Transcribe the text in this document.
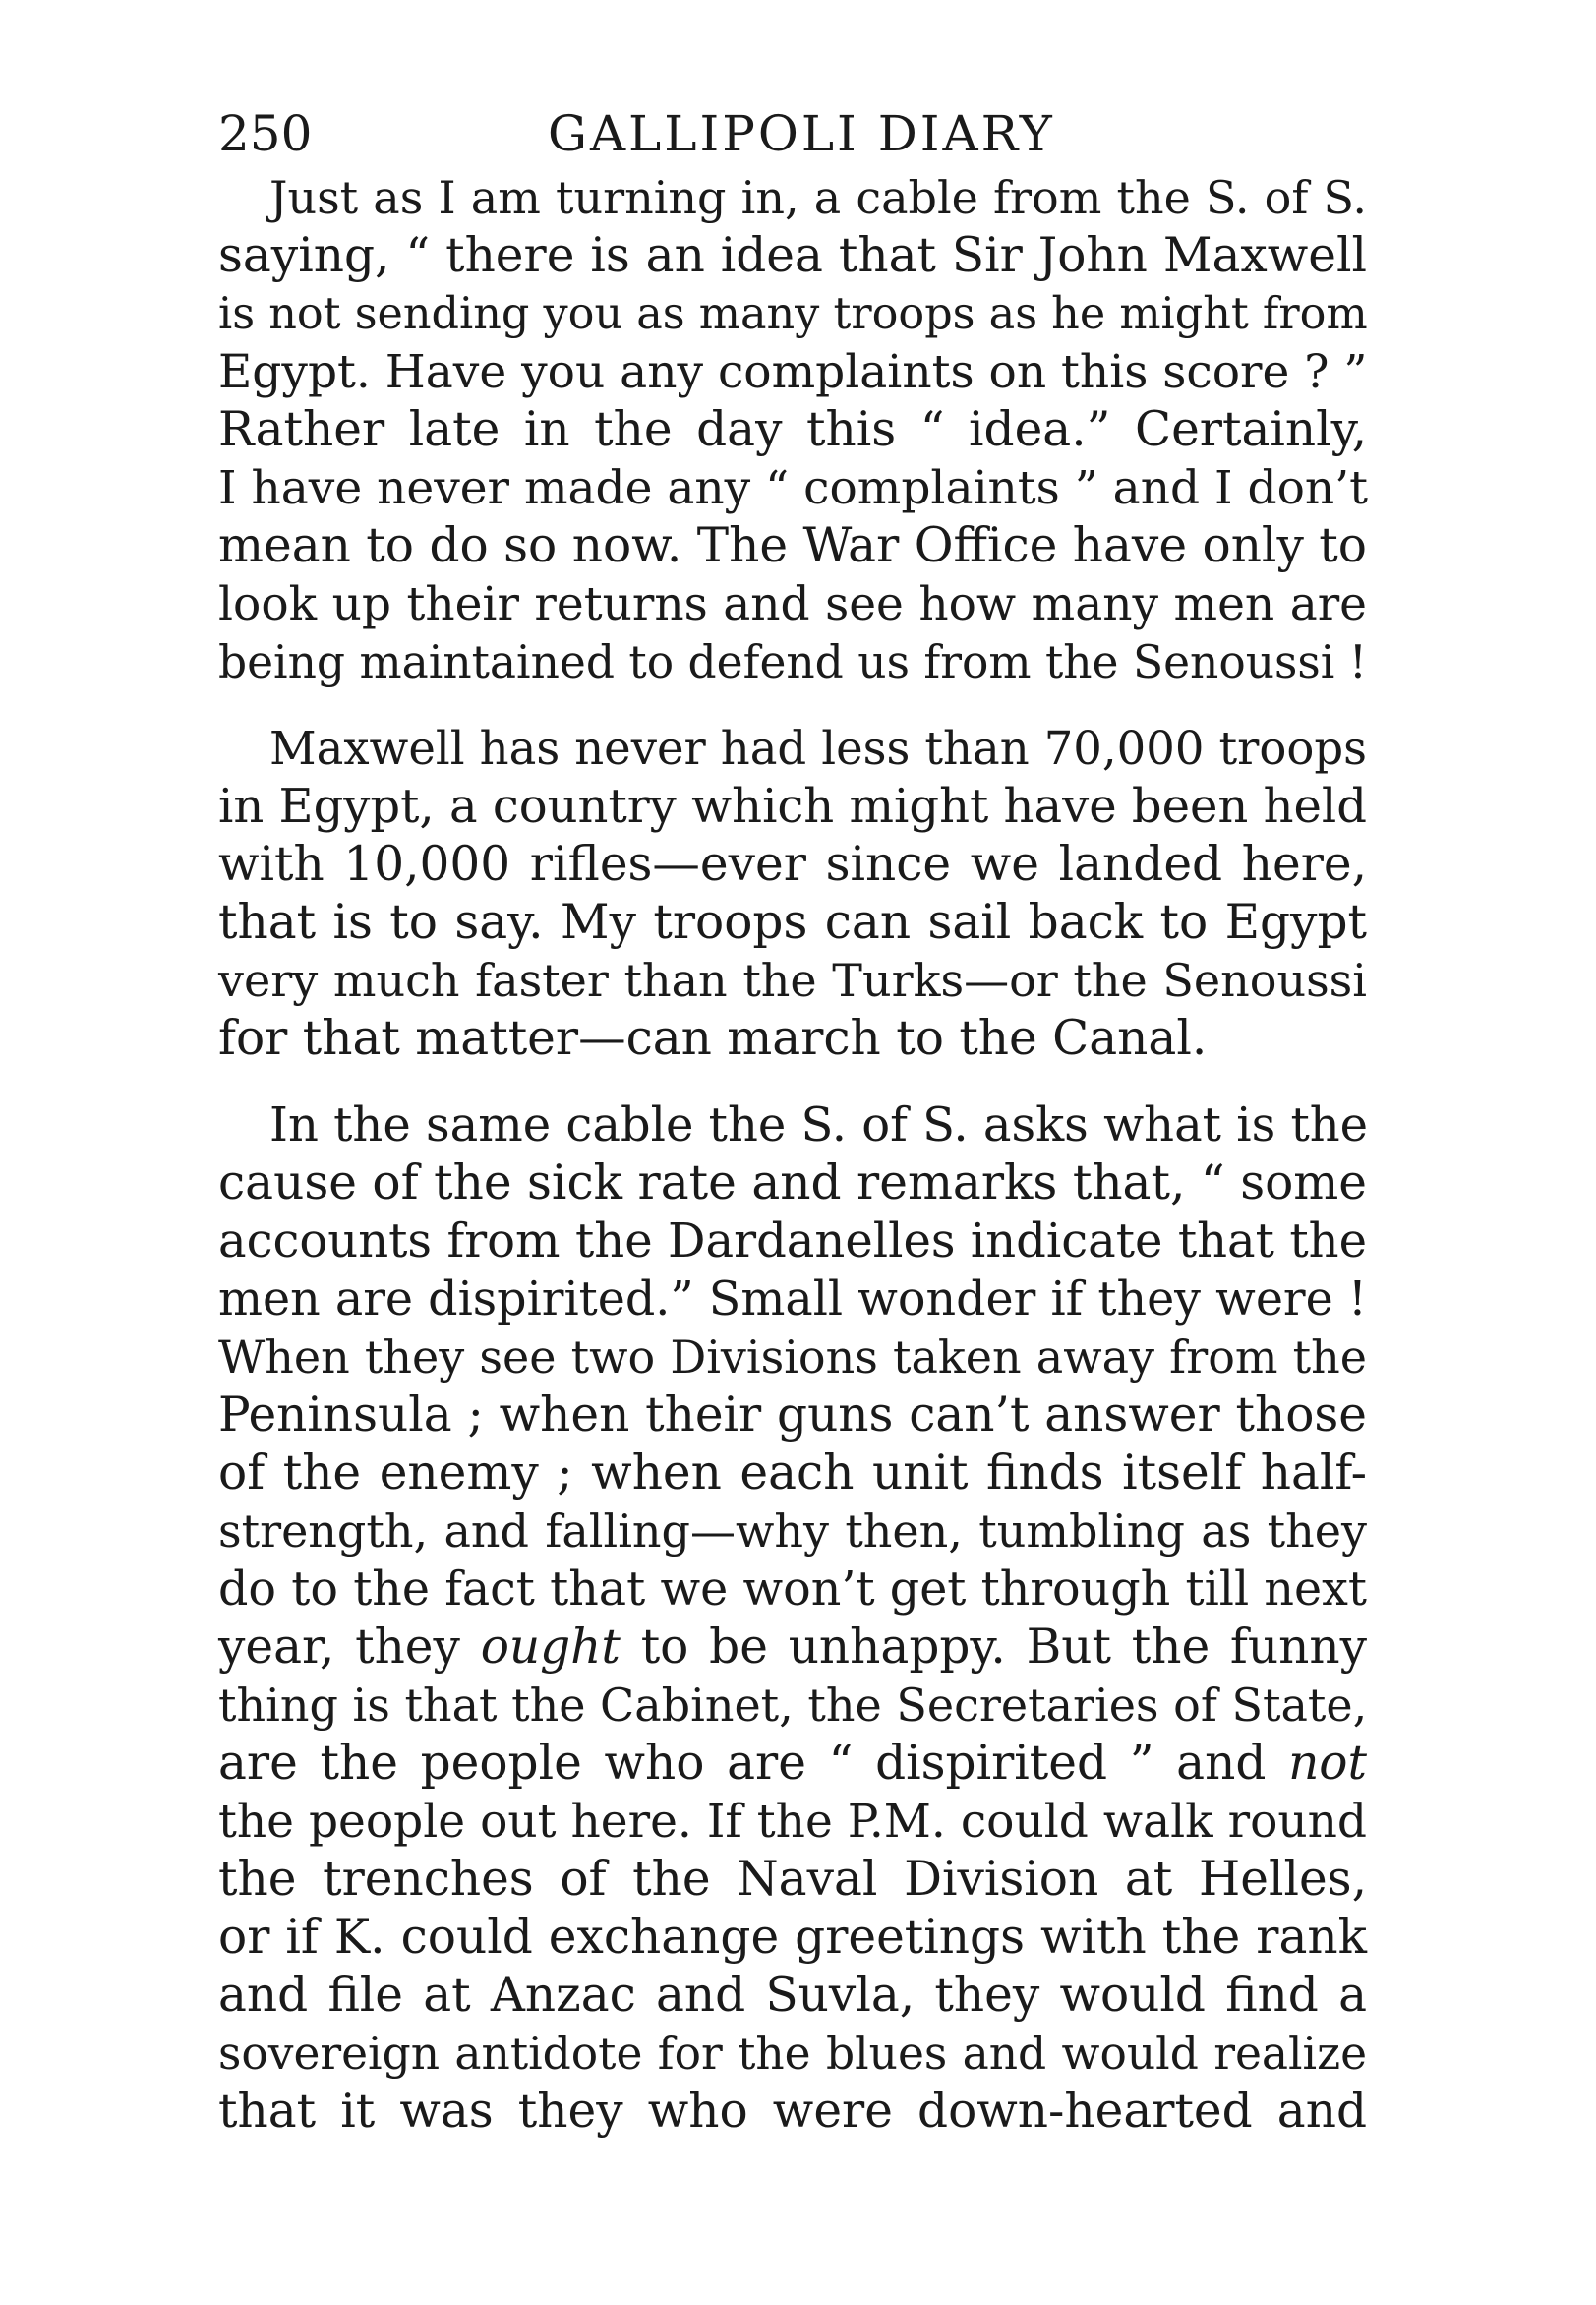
250	GALLIPOLI DIARY
Just as I am turning in, a cable from the S. of S.
saying, “ there is an idea that Sir John Maxwell
is not sending you as many troops as he might from
Egypt. Have you any complaints on this score ? ”
Rather late in the day this “ idea.” Certainly,
I have never made any “ complaints ” and I don’t
mean to do so now. The War Office have only to
look up their returns and see how many men are
being maintained to defend us from the Senoussi !
Maxwell has never had less than 70,000 troops
in Egypt, a country which might have been held
with 10,000 rifles—ever since we landed here,
that is to say. My troops can sail back to Egypt
very much faster than the Turks—or the Senoussi
for that matter—can march to the Canal.
In the same cable the S. of S. asks what is the
cause of the sick rate and remarks that, “ some
accounts from the Dardanelles indicate that the
men are dispirited.” Small wonder if they were !
When they see two Divisions taken away from the
Peninsula ; when their guns can’t answer those
of the enemy ; when each unit finds itself half-
strength, and falling—why then, tumbling as they
do to the fact that we won’t get through till next
year, they ought to be unhappy. But the funny
thing is that the Cabinet, the Secretaries of State,
are the people who are “ dispirited ” and not
the people out here. If the P.M. could walk round
the trenches of the Naval Division at Helles,
or if K. could exchange greetings with the rank
and file at Anzac and Suvla, they would find a
sovereign antidote for the blues and would realize
that it was they who were down-hearted and
